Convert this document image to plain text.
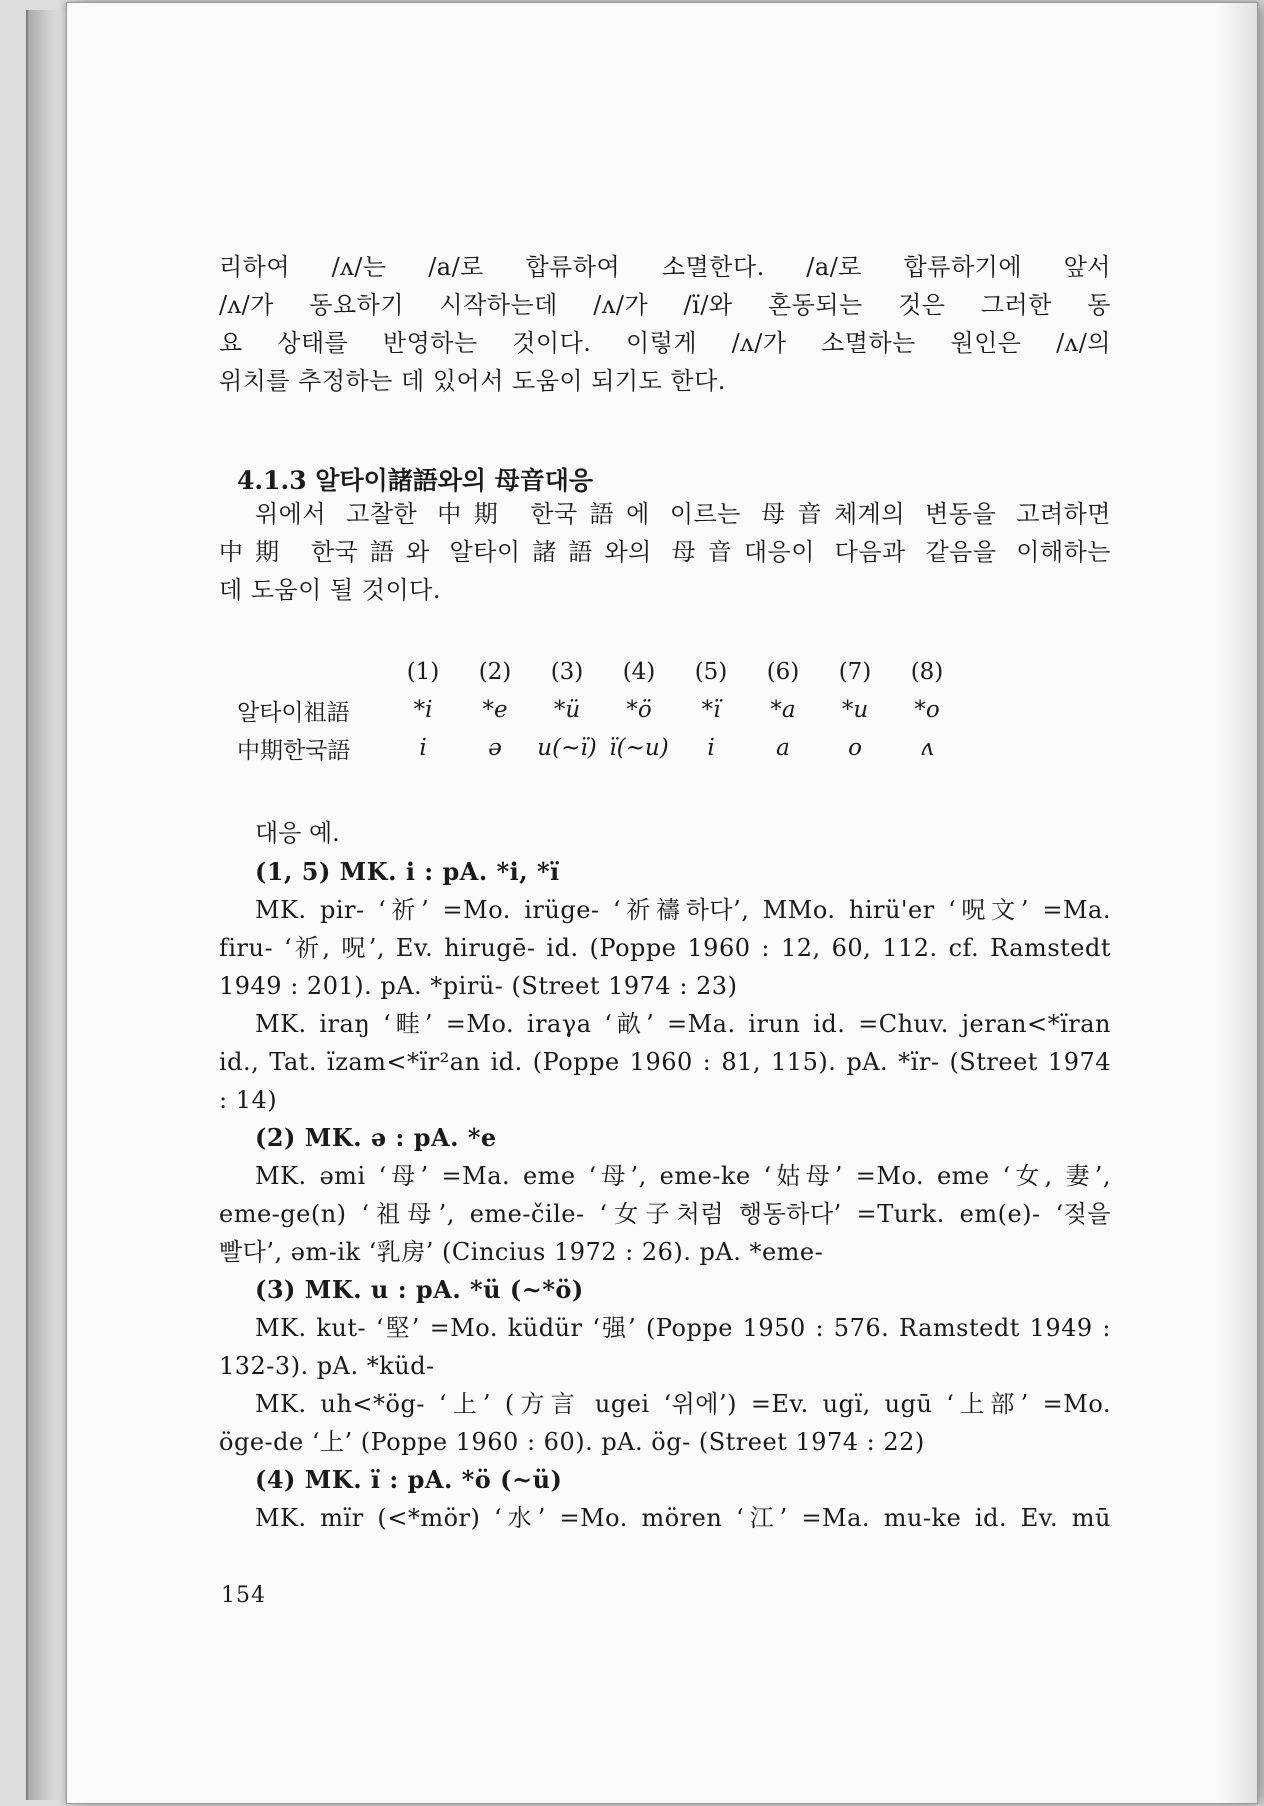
리하여 /ʌ/는 /a/로 합류하여 소멸한다. /a/로 합류하기에 앞서
/ʌ/가 동요하기 시작하는데 /ʌ/가 /ï/와 혼동되는 것은 그러한 동
요 상태를 반영하는 것이다. 이렇게 /ʌ/가 소멸하는 원인은 /ʌ/의
위치를 추정하는 데 있어서 도움이 되기도 한다.
4.1.3 알타이諸語와의 母音대응
위에서 고찰한 中期 한국語에 이르는 母音체계의 변동을 고려하면
中期 한국語와 알타이諸語와의 母音대응이 다음과 같음을 이해하는
데 도움이 될 것이다.
	(1)	(2)	(3)	(4)	(5)	(6)	(7)	(8)
알타이祖語	*i	*e	*ü	*ö	*ï	*a	*u	*o
中期한국語	i	ə	u(~ï)	ï(~u)	i	a	o	ʌ
대응 예.
(1, 5) MK. i : pA. *i, *ï
MK. pir- ‘祈’ =Mo. irüge- ‘祈禱하다’, MMo. hirü'er ‘呪文’ =Ma.
firu- ‘祈, 呪’, Ev. hirugē- id. (Poppe 1960 : 12, 60, 112. cf. Ramstedt
1949 : 201). pA. *pirü- (Street 1974 : 23)
MK. iraŋ ‘畦’ =Mo. iraγa ‘畝’ =Ma. irun id. =Chuv. jeran<*ïran
id., Tat. ïzam<*ïr²an id. (Poppe 1960 : 81, 115). pA. *ïr- (Street 1974
: 14)
(2) MK. ə : pA. *e
MK. əmi ‘母’ =Ma. eme ‘母’, eme-ke ‘姑母’ =Mo. eme ‘女, 妻’,
eme-ge(n) ‘祖母’, eme-čile- ‘女子처럼 행동하다’ =Turk. em(e)- ‘젖을
빨다’, əm-ik ‘乳房’ (Cincius 1972 : 26). pA. *eme-
(3) MK. u : pA. *ü (~*ö)
MK. kut- ‘堅’ =Mo. küdür ‘强’ (Poppe 1950 : 576. Ramstedt 1949 :
132-3). pA. *küd-
MK. uh<*ög- ‘上’ (方言 ugei ‘위에’) =Ev. ugï, ugū ‘上部’ =Mo.
öge-de ‘上’ (Poppe 1960 : 60). pA. ög- (Street 1974 : 22)
(4) MK. ï : pA. *ö (~ü)
MK. mïr (<*mör) ‘水’ =Mo. mören ‘江’ =Ma. mu-ke id. Ev. mū
154
